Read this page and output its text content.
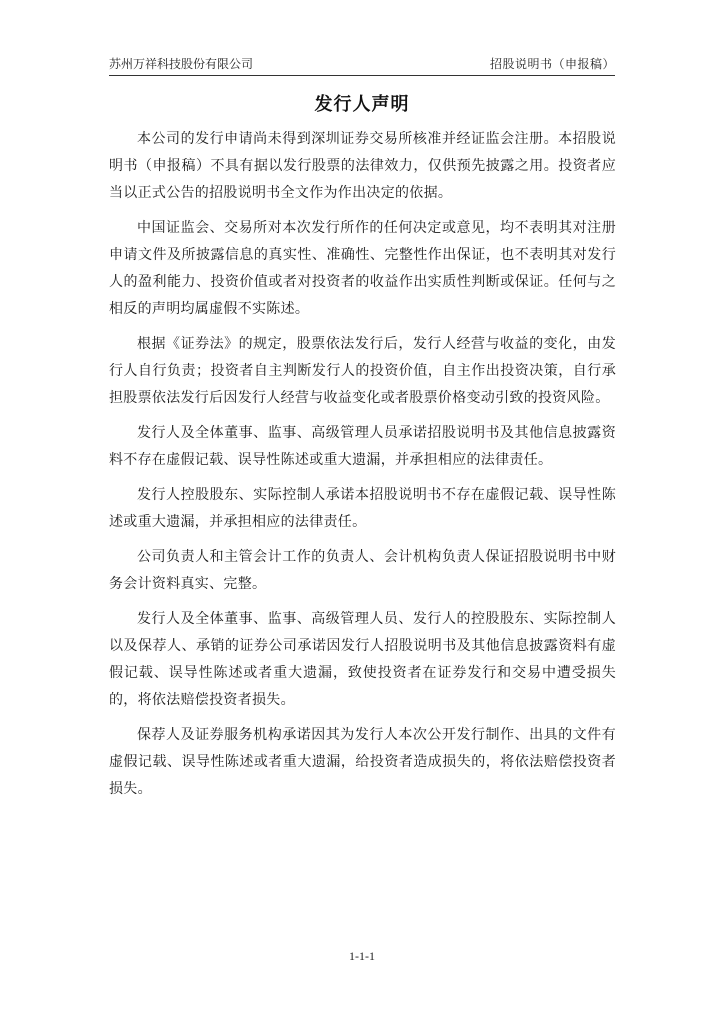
苏州万祥科技股份有限公司	招股说明书（申报稿）
发行人声明

本公司的发行申请尚未得到深圳证券交易所核准并经证监会注册。本招股说明书（申报稿）不具有据以发行股票的法律效力，仅供预先披露之用。投资者应当以正式公告的招股说明书全文作为作出决定的依据。

中国证监会、交易所对本次发行所作的任何决定或意见，均不表明其对注册申请文件及所披露信息的真实性、准确性、完整性作出保证，也不表明其对发行人的盈利能力、投资价值或者对投资者的收益作出实质性判断或保证。任何与之相反的声明均属虚假不实陈述。

根据《证券法》的规定，股票依法发行后，发行人经营与收益的变化，由发行人自行负责；投资者自主判断发行人的投资价值，自主作出投资决策，自行承担股票依法发行后因发行人经营与收益变化或者股票价格变动引致的投资风险。

发行人及全体董事、监事、高级管理人员承诺招股说明书及其他信息披露资料不存在虚假记载、误导性陈述或重大遗漏，并承担相应的法律责任。

发行人控股股东、实际控制人承诺本招股说明书不存在虚假记载、误导性陈述或重大遗漏，并承担相应的法律责任。

公司负责人和主管会计工作的负责人、会计机构负责人保证招股说明书中财务会计资料真实、完整。

发行人及全体董事、监事、高级管理人员、发行人的控股股东、实际控制人以及保荐人、承销的证券公司承诺因发行人招股说明书及其他信息披露资料有虚假记载、误导性陈述或者重大遗漏，致使投资者在证券发行和交易中遭受损失的，将依法赔偿投资者损失。

保荐人及证券服务机构承诺因其为发行人本次公开发行制作、出具的文件有虚假记载、误导性陈述或者重大遗漏，给投资者造成损失的，将依法赔偿投资者损失。

1-1-1
